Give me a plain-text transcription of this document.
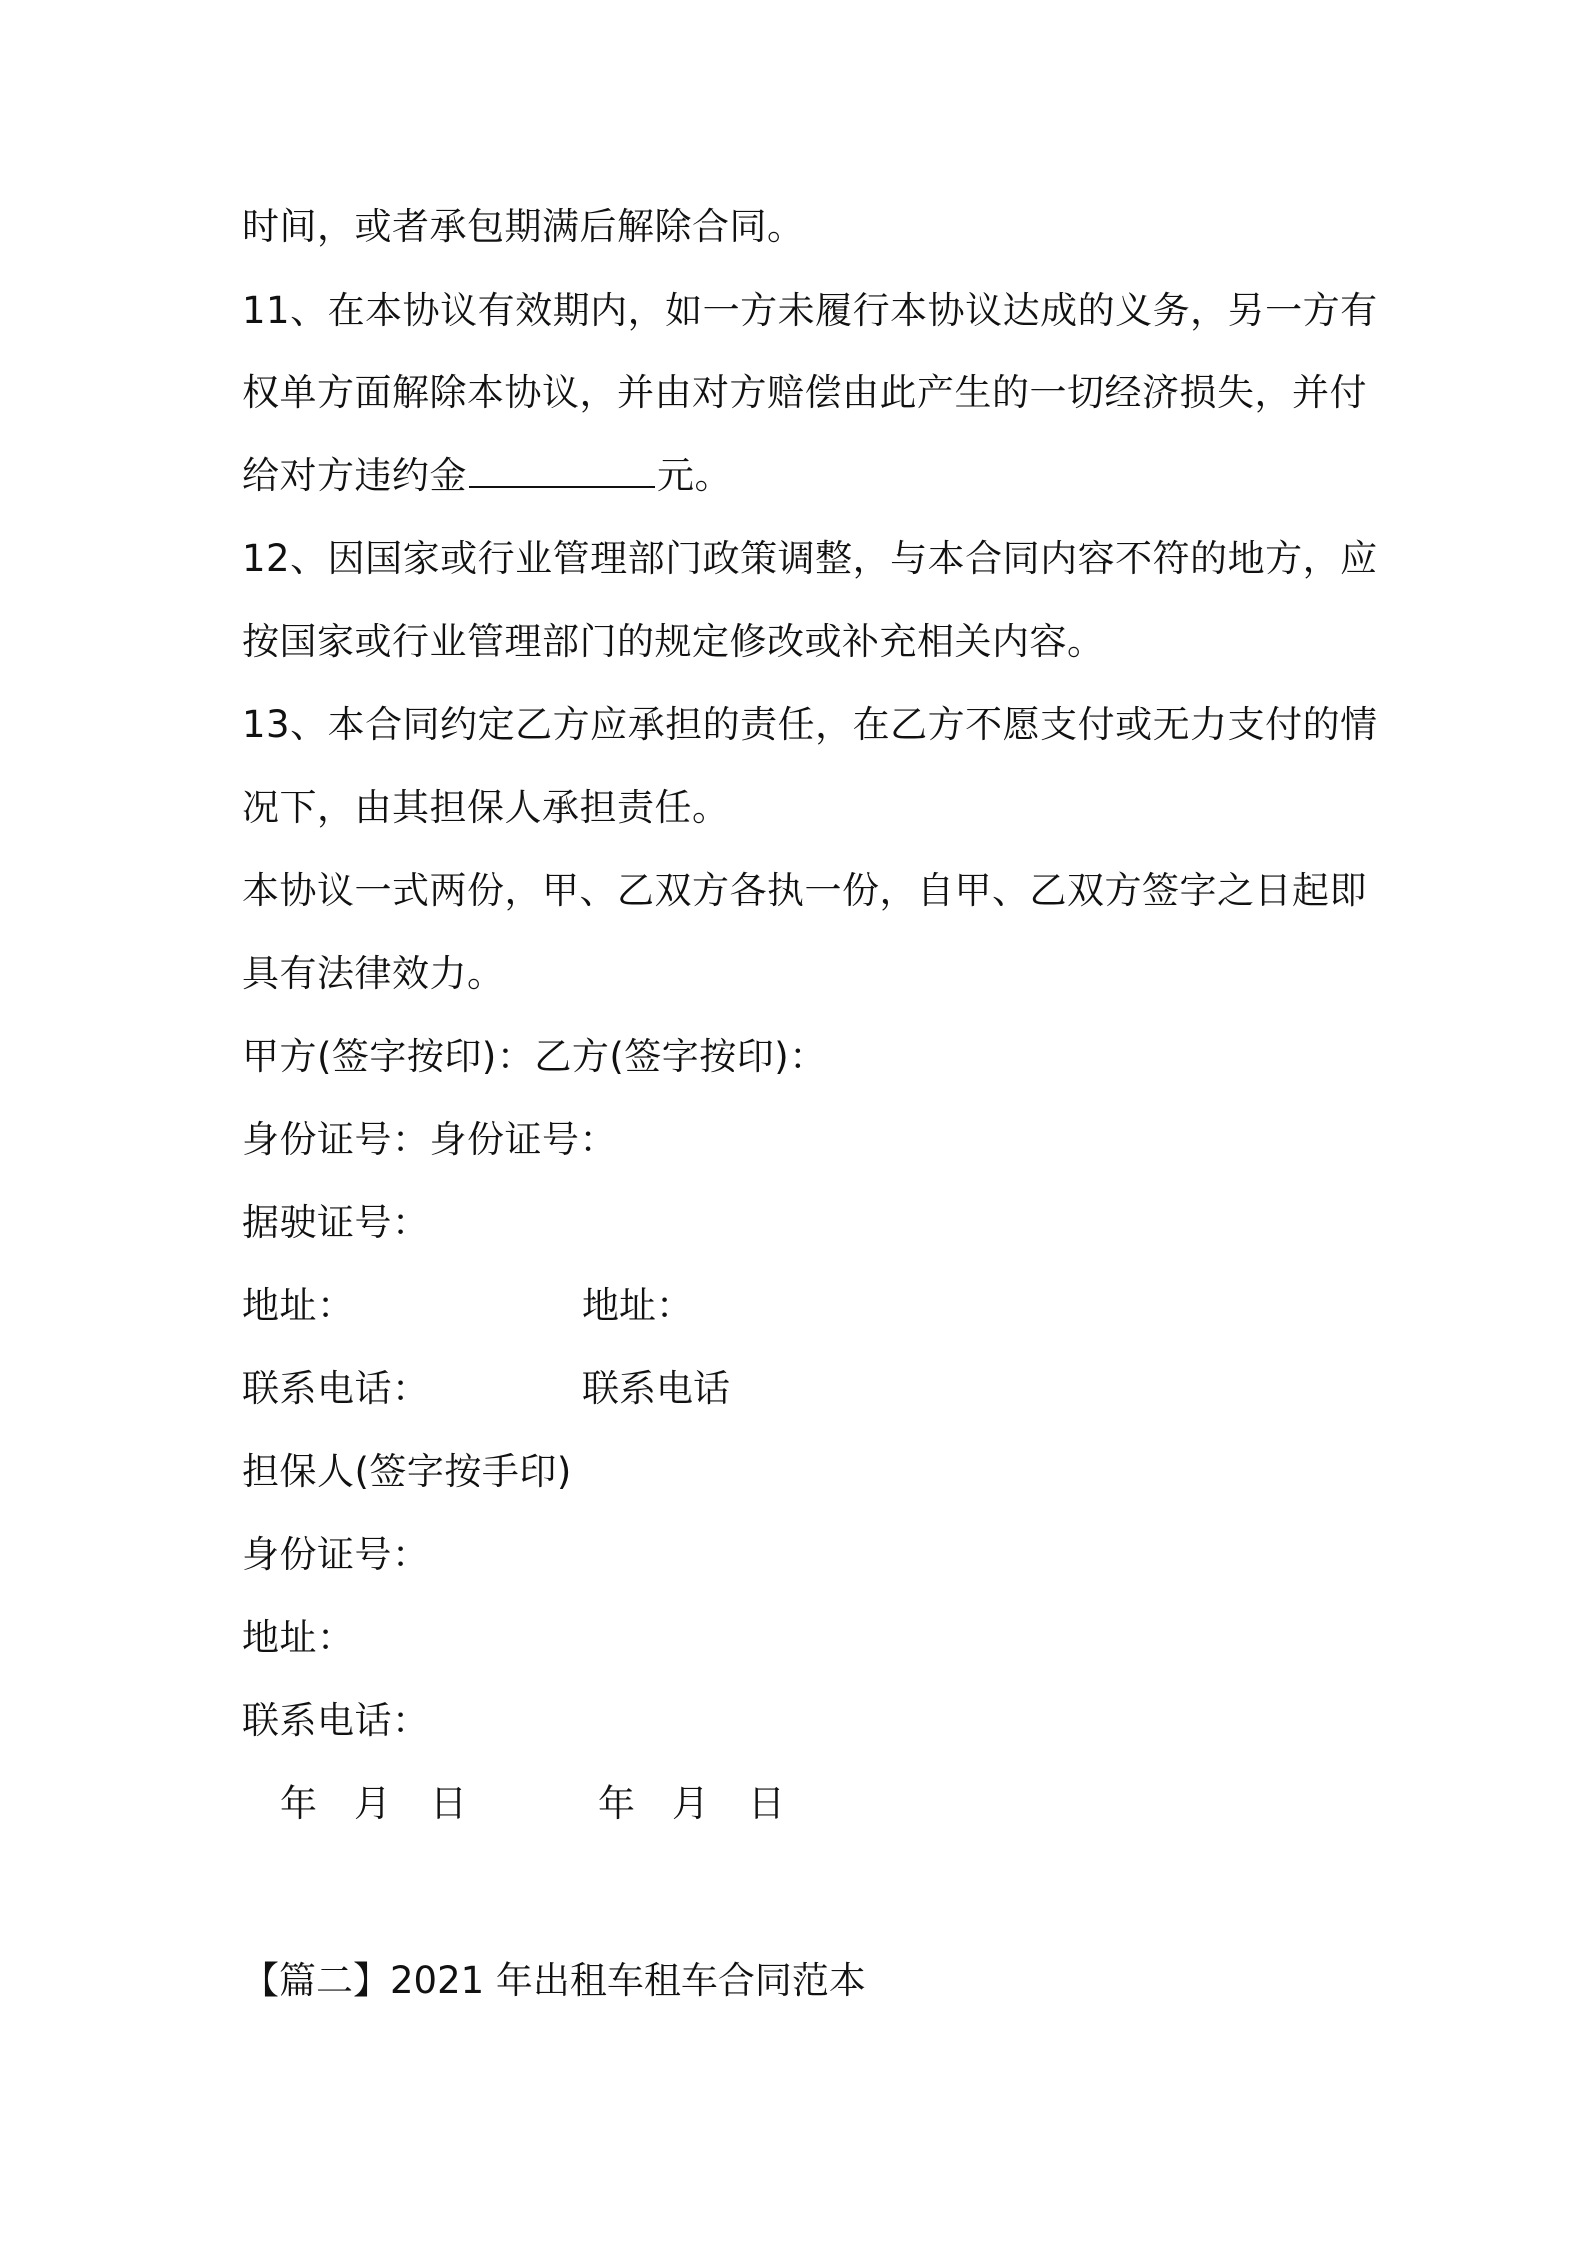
时间，或者承包期满后解除合同。
11、在本协议有效期内，如一方未履行本协议达成的义务，另一方有
权单方面解除本协议，并由对方赔偿由此产生的一切经济损失，并付
给对方违约金	元。
12、因国家或行业管理部门政策调整，与本合同内容不符的地方，应
按国家或行业管理部门的规定修改或补充相关内容。
13、本合同约定乙方应承担的责任，在乙方不愿支付或无力支付的情
况下，由其担保人承担责任。
本协议一式两份，甲、乙双方各执一份，自甲、乙双方签字之日起即
具有法律效力。
甲方(签字按印)：乙方(签字按印)：
身份证号：身份证号：
据驶证号：
地址：	地址：
联系电话：	联系电话
担保人(签字按手印)
身份证号：
地址：
联系电话：
年 月 日	年 月 日
【篇二】2021 年出租车租车合同范本
